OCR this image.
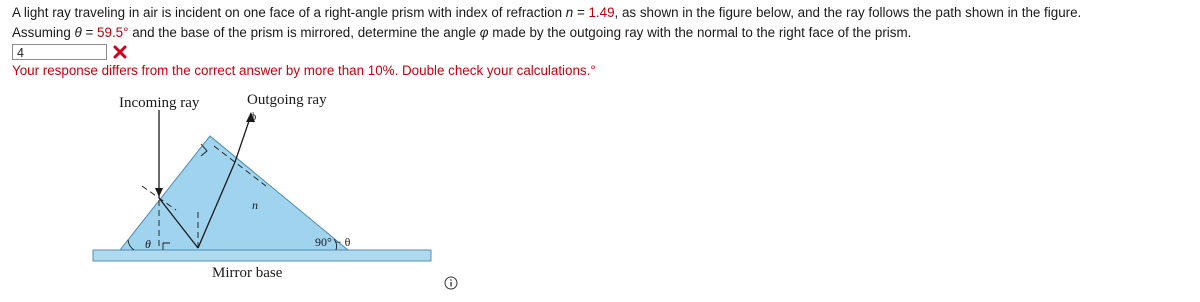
A light ray traveling in air is incident on one face of a right-angle prism with index of refraction n = 1.49, as shown in the figure below, and the ray follows the path shown in the figure.
Assuming θ = 59.5° and the base of the prism is mirrored, determine the angle φ made by the outgoing ray with the normal to the right face of the prism.
4
Your response differs from the correct answer by more than 10%. Double check your calculations.°
Incoming ray	Outgoing ray
ϕ
n
θ	90° − θ
Mirror base
